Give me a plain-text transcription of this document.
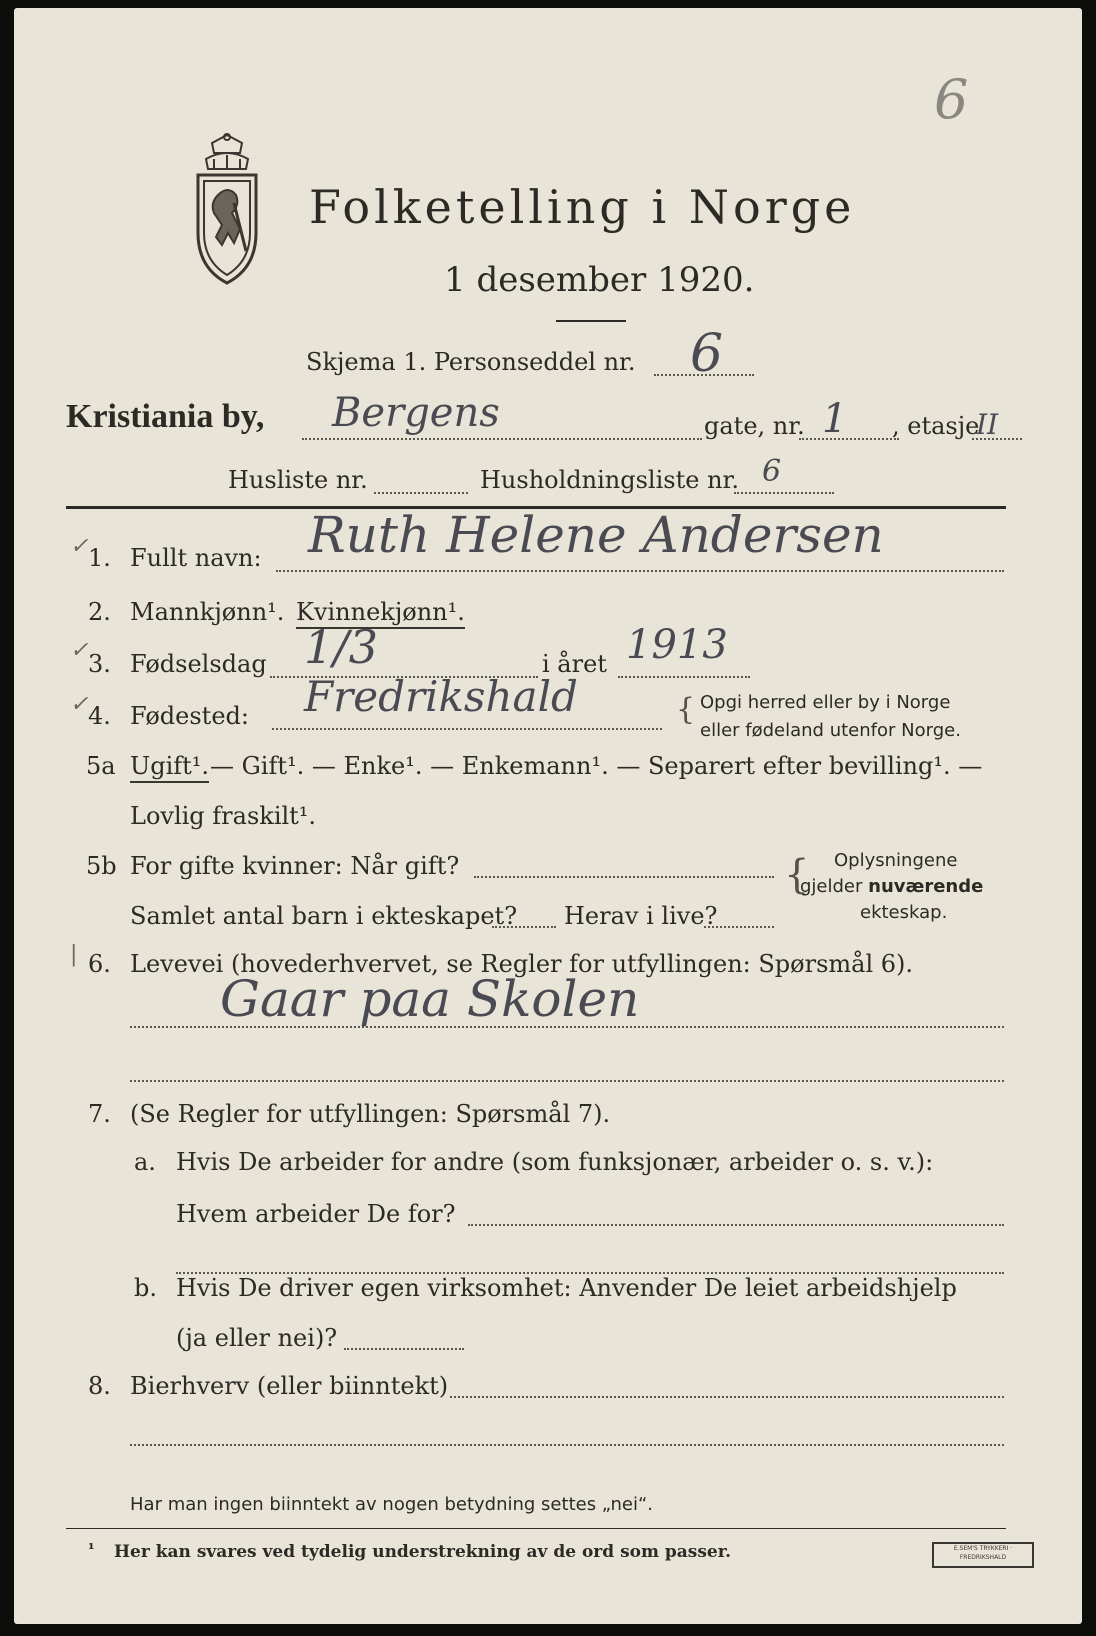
6
Folketelling i Norge
1 desember 1920.
Skjema 1. Personseddel nr. 6
Kristiania by, Bergens	gate, nr. 1 , etasje
II
Husliste nr.	Husholdningsliste nr. 6
✓ 1. Fullt navn: Ruth Helene Andersen
2. Mannkjønn¹. Kvinnekjønn¹.
✓ 3. Fødselsdag 1/3	i året 1913
✓ 4. Fødested: Fredrikshald	{ Opgi herred eller by i Norge
eller fødeland utenfor Norge.
5a Ugift¹. — Gift¹. — Enke¹. — Enkemann¹. — Separert efter bevilling¹. —
Lovlig fraskilt¹.
5b For gifte kvinner: Når gift?
Samlet antal barn i ekteskapet? Herav i live?
{ Oplysningene
gjelder nuværende
ekteskap.
| 6. Levevei (hovederhvervet, se Regler for utfyllingen: Spørsmål 6).
Gaar paa Skolen
7. (Se Regler for utfyllingen: Spørsmål 7).
a. Hvis De arbeider for andre (som funksjonær, arbeider o. s. v.):
Hvem arbeider De for?
b. Hvis De driver egen virksomhet: Anvender De leiet arbeidshjelp
(ja eller nei)?
8. Bierhverv (eller biinntekt)
Har man ingen biinntekt av nogen betydning settes „nei“.
¹ Her kan svares ved tydelig understrekning av de ord som passer.	E.SEM'S TRYKKERI · FREDRIKSHALD
